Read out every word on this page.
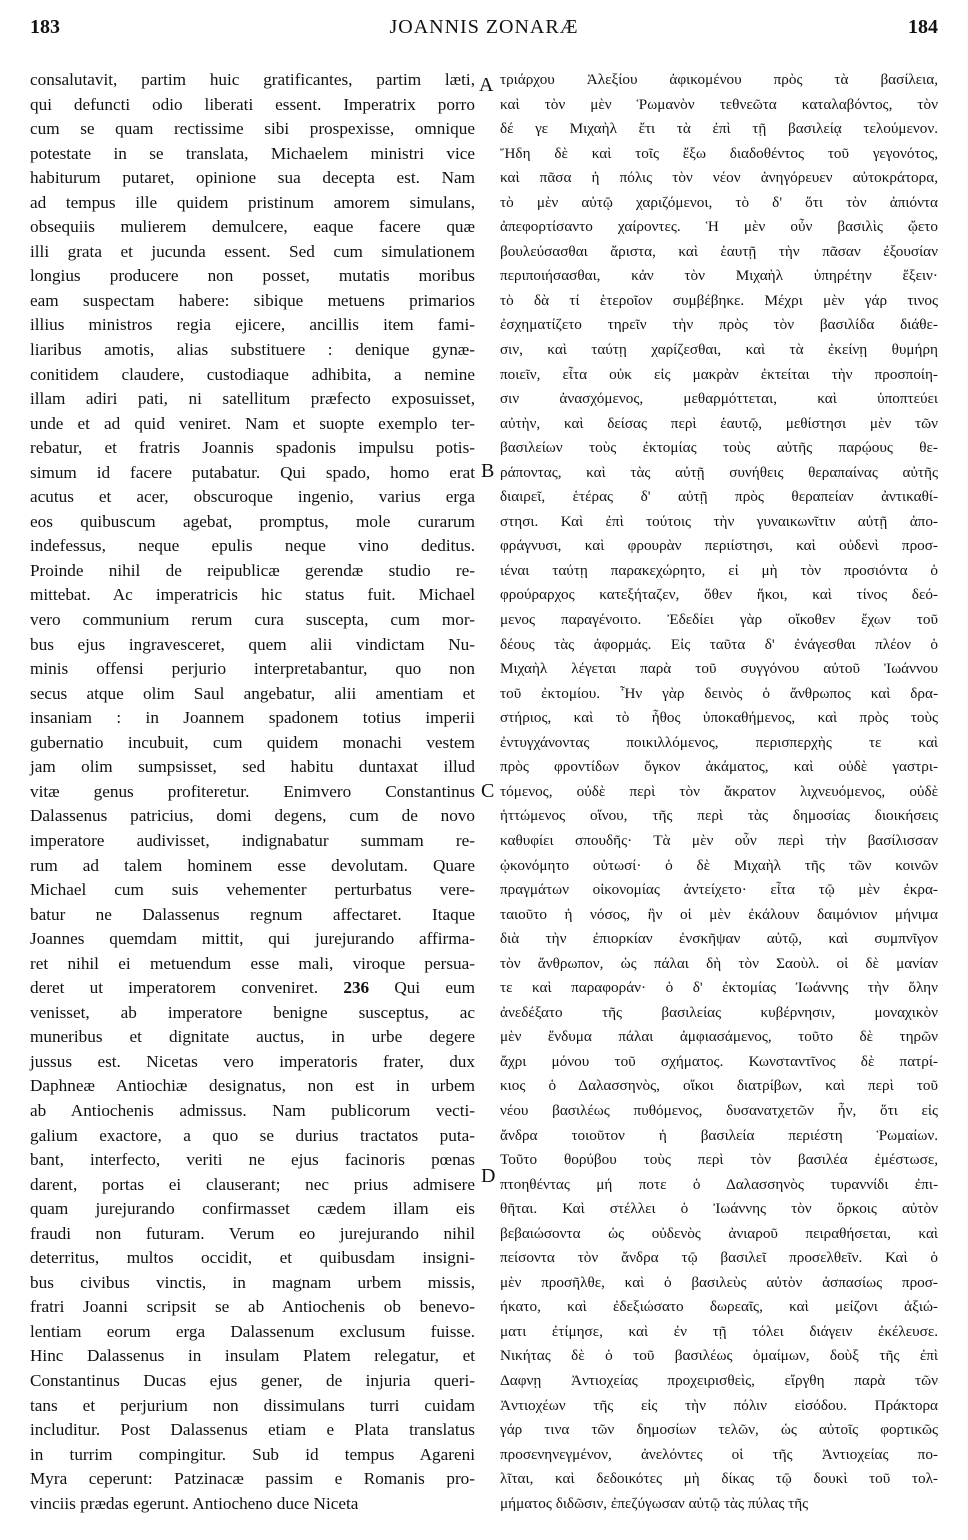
183	JOANNIS ZONARÆ	184
consalutavit, partim huic gratificantes, partim læti,
qui defuncti odio liberati essent. Imperatrix porro
cum se quam rectissime sibi prospexisse, omnique
potestate in se translata, Michaelem ministri vice
habiturum putaret, opinione sua decepta est. Nam
ad tempus ille quidem pristinum amorem simulans,
obsequiis mulierem demulcere, eaque facere quæ
illi grata et jucunda essent. Sed cum simulationem
longius producere non posset, mutatis moribus
eam suspectam habere: sibique metuens primarios
illius ministros regia ejicere, ancillis item fami-
liaribus amotis, alias substituere : denique gynæ-
conitidem claudere, custodiaque adhibita, a nemine
illam adiri pati, ni satellitum præfecto exposuisset,
unde et ad quid veniret. Nam et suopte exemplo ter-
rebatur, et fratris Joannis spadonis impulsu potis-
simum id facere putabatur. Qui spado, homo erat
acutus et acer, obscuroque ingenio, varius erga
eos quibuscum agebat, promptus, mole curarum
indefessus, neque epulis neque vino deditus.
Proinde nihil de reipublicæ gerendæ studio re-
mittebat. Ac imperatricis hic status fuit. Michael
vero communium rerum cura suscepta, cum mor-
bus ejus ingravesceret, quem alii vindictam Nu-
minis offensi perjurio interpretabantur, quo non
secus atque olim Saul angebatur, alii amentiam et
insaniam : in Joannem spadonem totius imperii
gubernatio incubuit, cum quidem monachi vestem
jam olim sumpsisset, sed habitu duntaxat illud
vitæ genus profiteretur. Enimvero Constantinus
Dalassenus patricius, domi degens, cum de novo
imperatore audivisset, indignabatur summam re-
rum ad talem hominem esse devolutam. Quare
Michael cum suis vehementer perturbatus vere-
batur ne Dalassenus regnum affectaret. Itaque
Joannes quemdam mittit, qui jurejurando affirma-
ret nihil ei metuendum esse mali, viroque persua-
deret ut imperatorem conveniret. 236 Qui eum
venisset, ab imperatore benigne susceptus, ac
muneribus et dignitate auctus, in urbe degere
jussus est. Nicetas vero imperatoris frater, dux
Daphneæ Antiochiæ designatus, non est in urbem
ab Antiochenis admissus. Nam publicorum vecti-
galium exactore, a quo se durius tractatos puta-
bant, interfecto, veriti ne ejus facinoris pœnas
darent, portas ei clauserant; nec prius admisere
quam jurejurando confirmasset cædem illam eis
fraudi non futuram. Verum eo jurejurando nihil
deterritus, multos occidit, et quibusdam insigni-
bus civibus vinctis, in magnam urbem missis,
fratri Joanni scripsit se ab Antiochenis ob benevo-
lentiam eorum erga Dalassenum exclusum fuisse.
Hinc Dalassenus in insulam Platem relegatur, et
Constantinus Ducas ejus gener, de injuria queri-
tans et perjurium non dissimulans turri cuidam
includitur. Post Dalassenus etiam e Plata translatus
in turrim compingitur. Sub id tempus Agareni
Myra ceperunt: Patzinacæ passim e Romanis pro-
vinciis prædas egerunt. Antiocheno duce Niceta
A
B
C
D
τριάρχου Ἀλεξίου ἀφικομένου πρὸς τὰ βασίλεια,
καὶ τὸν μὲν Ῥωμανὸν τεθνεῶτα καταλαβόντος, τὸν
δέ γε Μιχαὴλ ἔτι τὰ ἐπὶ τῇ βασιλείᾳ τελούμενον.
Ἤδη δὲ καὶ τοῖς ἔξω διαδοθέντος τοῦ γεγονότος,
καὶ πᾶσα ἡ πόλις τὸν νέον ἀνηγόρευεν αὐτοκράτορα,
τὸ μὲν αὐτῷ χαριζόμενοι, τὸ δ' ὅτι τὸν ἀπιόντα
ἀπεφορτίσαντο χαίροντες. Ἡ μὲν οὖν βασιλὶς ᾤετο
βουλεύσασθαι ἄριστα, καὶ ἑαυτῇ τὴν πᾶσαν ἐξουσίαν
περιποιήσασθαι, κἀν τὸν Μιχαὴλ ὑπηρέτην ἕξειν·
τὸ δὰ τί ἑτεροῖον συμβέβηκε. Μέχρι μὲν γάρ τινος
ἐσχηματίζετο τηρεῖν τὴν πρὸς τὸν βασιλίδα διάθε-
σιν, καὶ ταύτῃ χαρίζεσθαι, καὶ τὰ ἐκείνῃ θυμήρη
ποιεῖν, εἶτα οὐκ εἰς μακρὰν ἐκτείται τὴν προσποίη-
σιν ἀνασχόμενος, μεθαρμόττεται, καὶ ὑποπτεύει
αὐτὴν, καὶ δείσας περὶ ἑαυτῷ, μεθίστησι μὲν τῶν
βασιλείων τοὺς ἐκτομίας τοὺς αὐτῆς παρῴους θε-
ράποντας, καὶ τὰς αὐτῇ συνήθεις θεραπαίνας αὐτῆς
διαιρεῖ, ἑτέρας δ' αὐτῇ πρὸς θεραπείαν ἀντικαθί-
στησι. Καὶ ἐπὶ τούτοις τὴν γυναικωνῖτιν αὐτῇ ἀπο-
φράγνυσι, καὶ φρουρὰν περιίστησι, καὶ οὐδενὶ προσ-
ιέναι ταύτῃ παρακεχώρητο, εἰ μὴ τὸν προσιόντα ὁ
φρούραρχος κατεξήταζεν, ὅθεν ἥκοι, καὶ τίνος δεό-
μενος παραγένοιτο. Ἐδεδίει γὰρ οἴκοθεν ἔχων τοῦ
δέους τὰς ἀφορμάς. Εἰς ταῦτα δ' ἐνάγεσθαι πλέον ὁ
Μιχαὴλ λέγεται παρὰ τοῦ συγγόνου αὐτοῦ Ἰωάννου
τοῦ ἐκτομίου. Ἦν γὰρ δεινὸς ὁ ἄνθρωπος καὶ δρα-
στήριος, καὶ τὸ ἦθος ὑποκαθήμενος, καὶ πρὸς τοὺς
ἐντυγχάνοντας ποικιλλόμενος, περισπερχὴς τε καὶ
πρὸς φροντίδων ὄγκον ἀκάματος, καὶ οὐδὲ γαστρι-
τόμενος, οὐδὲ περὶ τὸν ἄκρατον λιχνευόμενος, οὐδὲ
ἡττώμενος οἴνου, τῆς περὶ τὰς δημοσίας διοικήσεις
καθυφίει σπουδῆς· Τὰ μὲν οὖν περὶ τὴν βασίλισσαν
ᾠκονόμητο οὑτωσί· ὁ δὲ Μιχαὴλ τῆς τῶν κοινῶν
πραγμάτων οἰκονομίας ἀντείχετο· εἶτα τῷ μὲν ἐκρα-
ταιοῦτο ἡ νόσος, ἣν οἱ μὲν ἐκάλουν δαιμόνιον μήνιμα
διὰ τὴν ἐπιορκίαν ἐνσκῆψαν αὐτῷ, καὶ συμπνῖγον
τὸν ἄνθρωπον, ὡς πάλαι δὴ τὸν Σαοὺλ. οἱ δὲ μανίαν
τε καὶ παραφοράν· ὁ δ' ἐκτομίας Ἰωάννης τὴν ὅλην
ἀνεδέξατο τῆς βασιλείας κυβέρνησιν, μοναχικὸν
μὲν ἔνδυμα πάλαι ἀμφιασάμενος, τοῦτο δὲ τηρῶν
ἄχρι μόνου τοῦ σχήματος. Κωνσταντῖνος δὲ πατρί-
κιος ὁ Δαλασσηνὸς, οἴκοι διατρίβων, καὶ περὶ τοῦ
νέου βασιλέως πυθόμενος, δυσανατχετῶν ἦν, ὅτι εἰς
ἄνδρα τοιοῦτον ἡ βασιλεία περιέστη Ῥωμαίων.
Τοῦτο θορύβου τοὺς περὶ τὸν βασιλέα ἐμέστωσε,
πτοηθέντας μή ποτε ὁ Δαλασσηνὸς τυραννίδι ἐπι-
θῆται. Καὶ στέλλει ὁ Ἰωάννης τὸν ὅρκοις αὐτὸν
βεβαιώσοντα ὡς οὐδενὸς ἀνιαροῦ πειραθήσεται, καὶ
πείσοντα τὸν ἄνδρα τῷ βασιλεῖ προσελθεῖν. Καὶ ὁ
μὲν προσῆλθε, καὶ ὁ βασιλεὺς αὐτὸν ἀσπασίως προσ-
ήκατο, καὶ ἐδεξιώσατο δωρεαῖς, καὶ μείζονι ἀξιώ-
ματι ἐτίμησε, καὶ ἐν τῇ τόλει διάγειν ἐκέλευσε.
Νικήτας δὲ ὁ τοῦ βασιλέως ὁμαίμων, δοὺξ τῆς ἐπὶ
Δαφνῃ Ἀντιοχείας προχειρισθεὶς, εἴργθη παρὰ τῶν
Ἀντιοχέων τῆς εἰς τὴν πόλιν εἰσόδου. Πράκτορα
γάρ τινα τῶν δημοσίων τελῶν, ὡς αὐτοῖς φορτικῶς
προσενηνεγμένον, ἀνελόντες οἱ τῆς Ἀντιοχείας πο-
λῖται, καὶ δεδοικότες μὴ δίκας τῷ δουκὶ τοῦ τολ-
μήματος διδῶσιν, ἐπεζύγωσαν αὐτῷ τὰς πύλας τῆς
